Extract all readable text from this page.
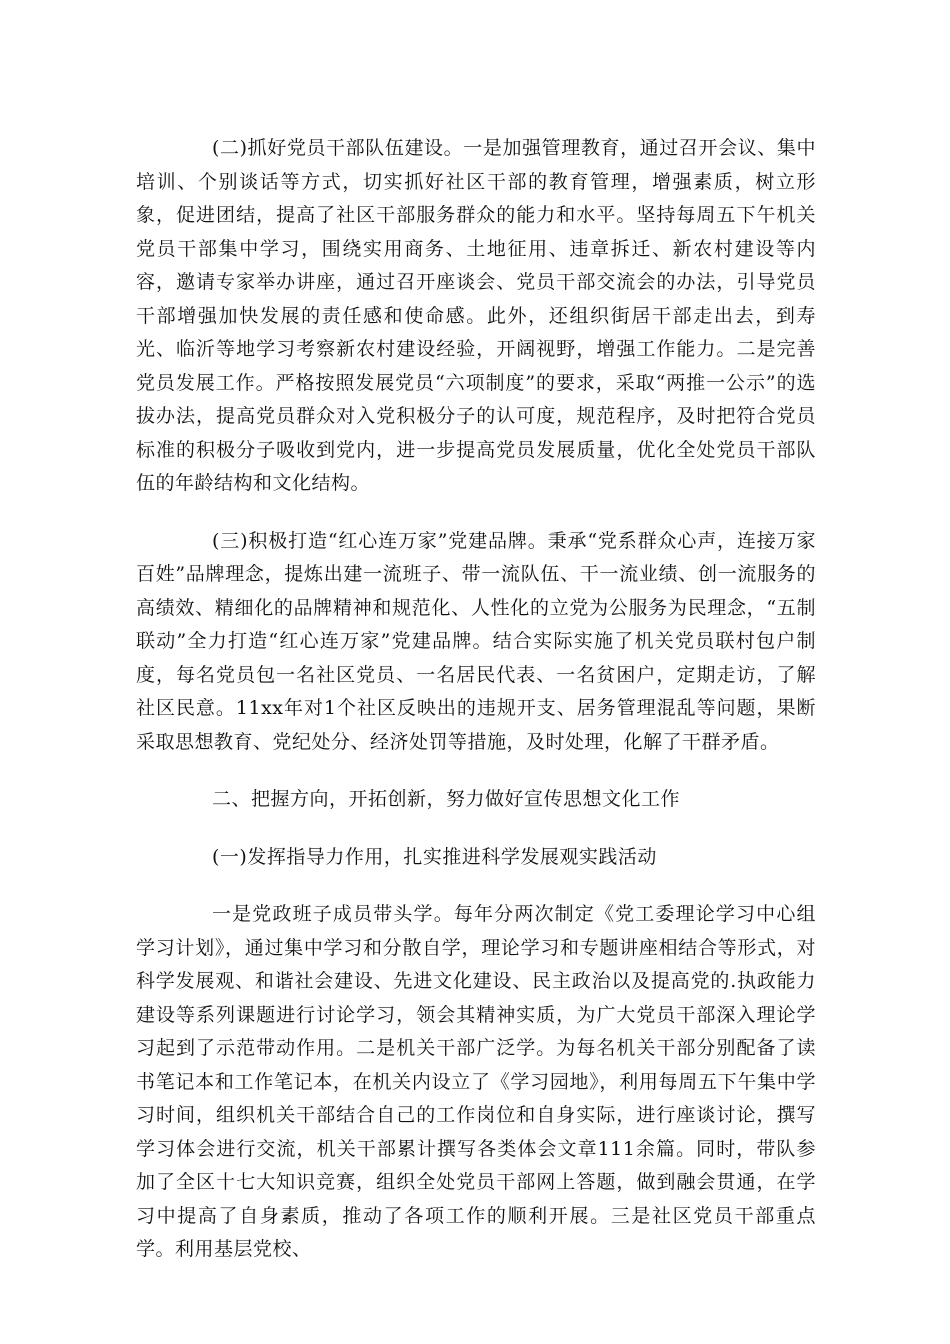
(二)抓好党员干部队伍建设。一是加强管理教育，通过召开会议、集中培训、个别谈话等方式，切实抓好社区干部的教育管理，增强素质，树立形象，促进团结，提高了社区干部服务群众的能力和水平。坚持每周五下午机关党员干部集中学习，围绕实用商务、土地征用、违章拆迁、新农村建设等内容，邀请专家举办讲座，通过召开座谈会、党员干部交流会的办法，引导党员干部增强加快发展的责任感和使命感。此外，还组织街居干部走出去，到寿光、临沂等地学习考察新农村建设经验，开阔视野，增强工作能力。二是完善党员发展工作。严格按照发展党员“六项制度”的要求，采取“两推一公示”的选拔办法，提高党员群众对入党积极分子的认可度，规范程序，及时把符合党员标准的积极分子吸收到党内，进一步提高党员发展质量，优化全处党员干部队伍的年龄结构和文化结构。

(三)积极打造“红心连万家”党建品牌。秉承“党系群众心声，连接万家百姓”品牌理念，提炼出建一流班子、带一流队伍、干一流业绩、创一流服务的高绩效、精细化的品牌精神和规范化、人性化的立党为公服务为民理念，“五制联动”全力打造“红心连万家”党建品牌。结合实际实施了机关党员联村包户制度，每名党员包一名社区党员、一名居民代表、一名贫困户，定期走访，了解社区民意。11xx年对1个社区反映出的违规开支、居务管理混乱等问题，果断采取思想教育、党纪处分、经济处罚等措施，及时处理，化解了干群矛盾。

二、把握方向，开拓创新，努力做好宣传思想文化工作

(一)发挥指导力作用，扎实推进科学发展观实践活动

一是党政班子成员带头学。每年分两次制定《党工委理论学习中心组学习计划》，通过集中学习和分散自学，理论学习和专题讲座相结合等形式，对科学发展观、和谐社会建设、先进文化建设、民主政治以及提高党的.执政能力建设等系列课题进行讨论学习，领会其精神实质，为广大党员干部深入理论学习起到了示范带动作用。二是机关干部广泛学。为每名机关干部分别配备了读书笔记本和工作笔记本，在机关内设立了《学习园地》，利用每周五下午集中学习时间，组织机关干部结合自己的工作岗位和自身实际，进行座谈讨论，撰写学习体会进行交流，机关干部累计撰写各类体会文章111余篇。同时，带队参加了全区十七大知识竞赛，组织全处党员干部网上答题，做到融会贯通，在学习中提高了自身素质，推动了各项工作的顺利开展。三是社区党员干部重点学。利用基层党校、
